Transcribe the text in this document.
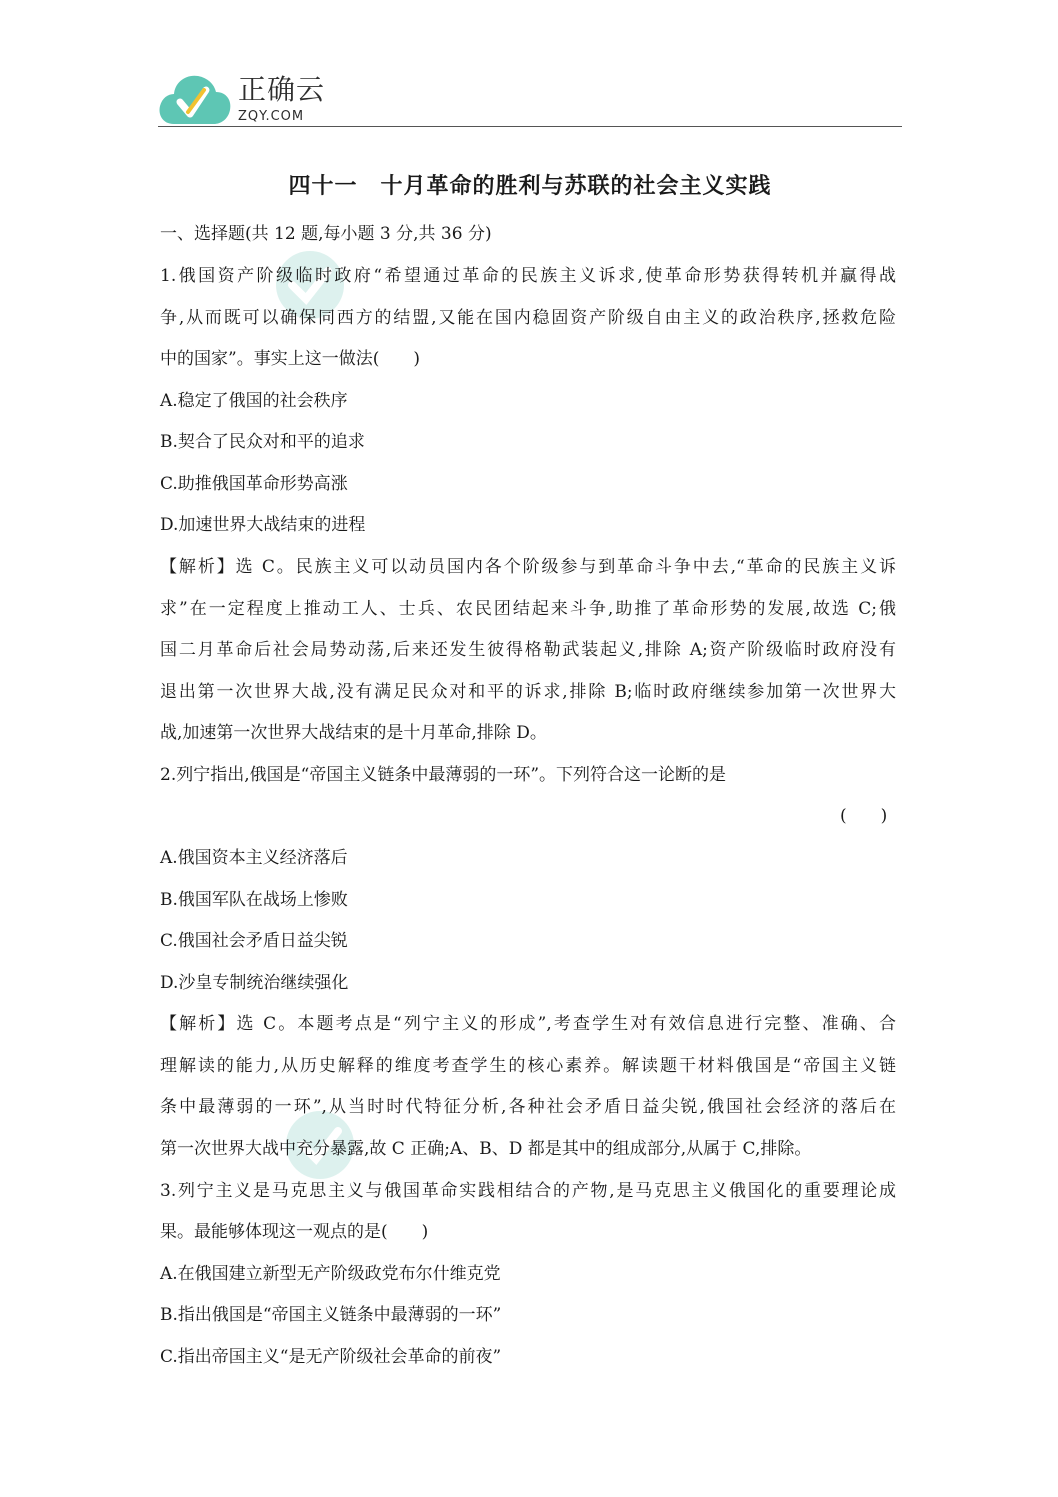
正确云
ZQY.COM
四十一　十月革命的胜利与苏联的社会主义实践
一、选择题(共 12 题,每小题 3 分,共 36 分)
1.俄国资产阶级临时政府“希望通过革命的民族主义诉求,使革命形势获得转机并赢得战
争,从而既可以确保同西方的结盟,又能在国内稳固资产阶级自由主义的政治秩序,拯救危险
中的国家”。事实上这一做法(　　)
A.稳定了俄国的社会秩序
B.契合了民众对和平的追求
C.助推俄国革命形势高涨
D.加速世界大战结束的进程
【解析】选 C。民族主义可以动员国内各个阶级参与到革命斗争中去,“革命的民族主义诉
求”在一定程度上推动工人、士兵、农民团结起来斗争,助推了革命形势的发展,故选 C;俄
国二月革命后社会局势动荡,后来还发生彼得格勒武装起义,排除 A;资产阶级临时政府没有
退出第一次世界大战,没有满足民众对和平的诉求,排除 B;临时政府继续参加第一次世界大
战,加速第一次世界大战结束的是十月革命,排除 D。
2.列宁指出,俄国是“帝国主义链条中最薄弱的一环”。下列符合这一论断的是
(　　)
A.俄国资本主义经济落后
B.俄国军队在战场上惨败
C.俄国社会矛盾日益尖锐
D.沙皇专制统治继续强化
【解析】选 C。本题考点是“列宁主义的形成”,考查学生对有效信息进行完整、准确、合
理解读的能力,从历史解释的维度考查学生的核心素养。解读题干材料俄国是“帝国主义链
条中最薄弱的一环”,从当时时代特征分析,各种社会矛盾日益尖锐,俄国社会经济的落后在
第一次世界大战中充分暴露,故 C 正确;A、B、D 都是其中的组成部分,从属于 C,排除。
3.列宁主义是马克思主义与俄国革命实践相结合的产物,是马克思主义俄国化的重要理论成
果。最能够体现这一观点的是(　　)
A.在俄国建立新型无产阶级政党布尔什维克党
B.指出俄国是“帝国主义链条中最薄弱的一环”
C.指出帝国主义“是无产阶级社会革命的前夜”
